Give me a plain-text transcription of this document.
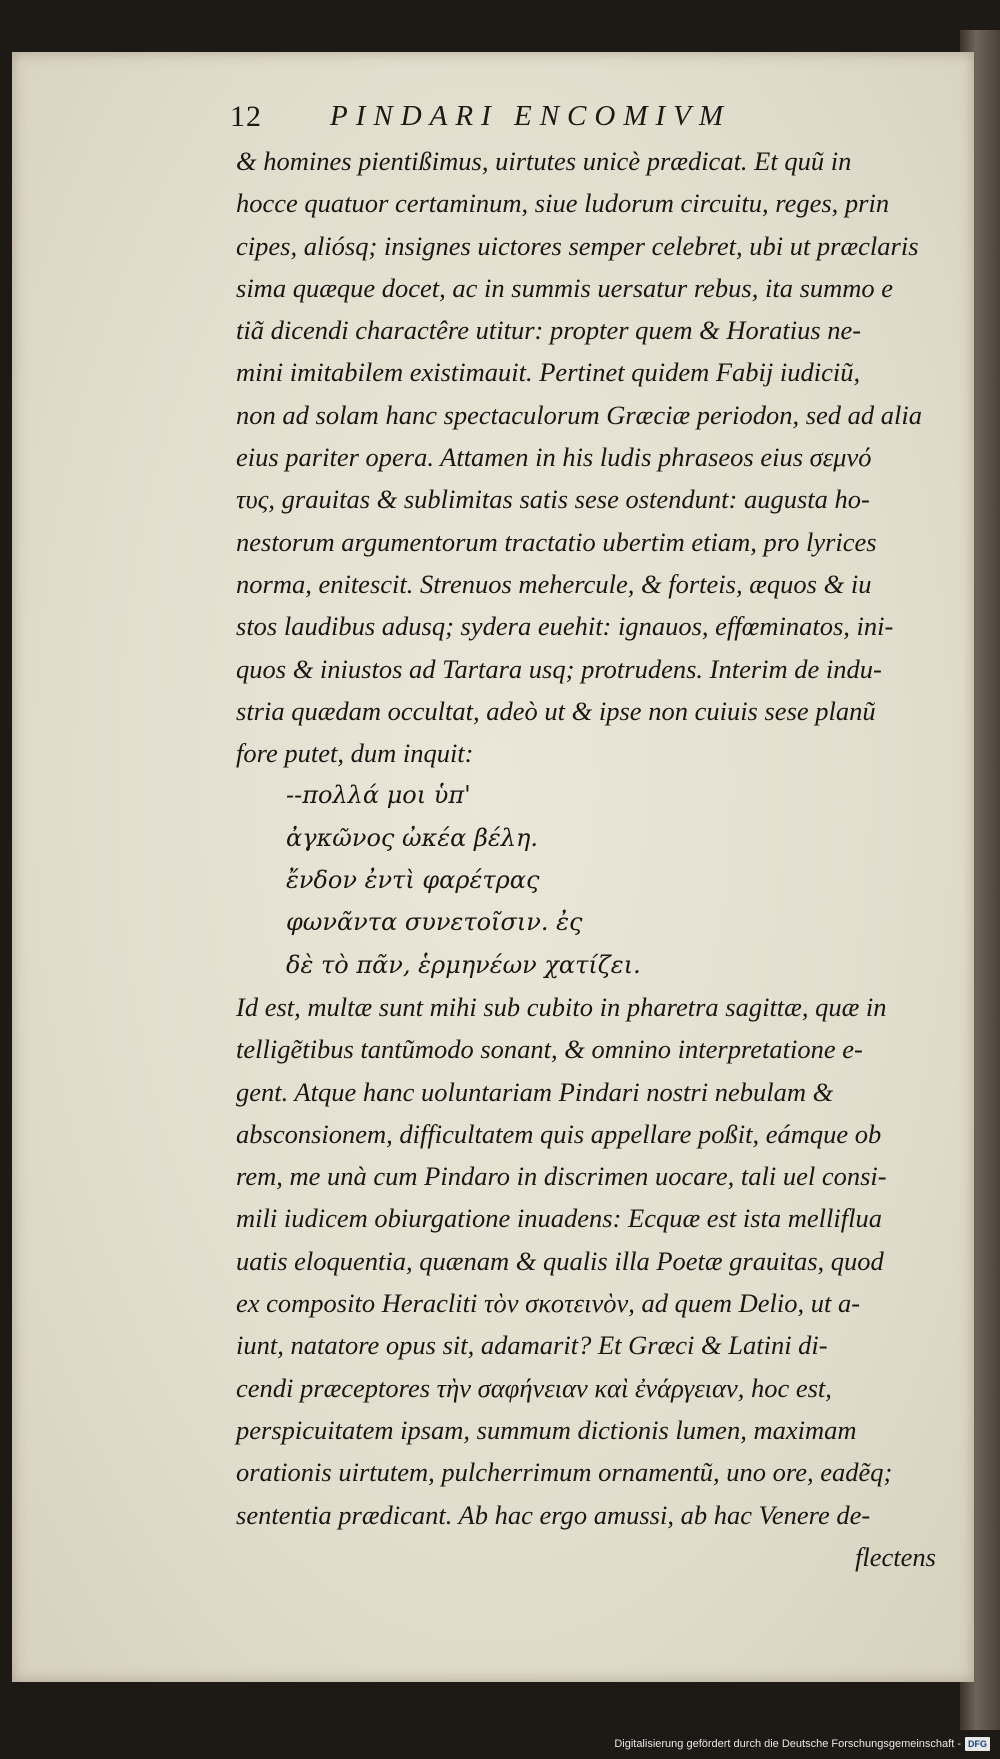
12 PINDARI ENCOMIVM
& homines pientißimus, uirtutes unicè prædicat. Et quũ in
hocce quatuor certaminum, siue ludorum circuitu, reges, prin
cipes, aliósq; insignes uictores semper celebret, ubi ut præclaris
sima quæque docet, ac in summis uersatur rebus, ita summo e
tiã dicendi charactêre utitur: propter quem & Horatius ne-
mini imitabilem existimauit. Pertinet quidem Fabij iudiciũ,
non ad solam hanc spectaculorum Græciæ periodon, sed ad alia
eius pariter opera. Attamen in his ludis phraseos eius σεμνό
τυς, grauitas & sublimitas satis sese ostendunt: augusta ho-
nestorum argumentorum tractatio ubertim etiam, pro lyrices
norma, enitescit. Strenuos mehercule, & forteis, æquos & iu
stos laudibus adusq; sydera euehit: ignauos, effœminatos, ini-
quos & iniustos ad Tartara usq; protrudens. Interim de indu-
stria quædam occultat, adeò ut & ipse non cuiuis sese planũ
fore putet, dum inquit:
--πολλά μοι ὑπ'
ἀγκῶνος ὠκέα βέλη.
ἔνδον ἐντὶ φαρέτρας
φωνᾶντα συνετοῖσιν. ἐς
δὲ τὸ πᾶν, ἑρμηνέων χατίζει.
Id est, multæ sunt mihi sub cubito in pharetra sagittæ, quæ in
telligẽtibus tantũmodo sonant, & omnino interpretatione e-
gent. Atque hanc uoluntariam Pindari nostri nebulam &
absconsionem, difficultatem quis appellare poßit, eámque ob
rem, me unà cum Pindaro in discrimen uocare, tali uel consi-
mili iudicem obiurgatione inuadens: Ecquæ est ista melliflua
uatis eloquentia, quænam & qualis illa Poetæ grauitas, quod
ex composito Heracliti τὸν σκοτεινὸν, ad quem Delio, ut a-
iunt, natatore opus sit, adamarit? Et Græci & Latini di-
cendi præceptores τὴν σαφήνειαν καὶ ἐνάργειαν, hoc est,
perspicuitatem ipsam, summum dictionis lumen, maximam
orationis uirtutem, pulcherrimum ornamentũ, uno ore, eadẽq;
sententia prædicant. Ab hac ergo amussi, ab hac Venere de-
flectens
Digitalisierung gefördert durch die Deutsche Forschungsgemeinschaft - DFG
